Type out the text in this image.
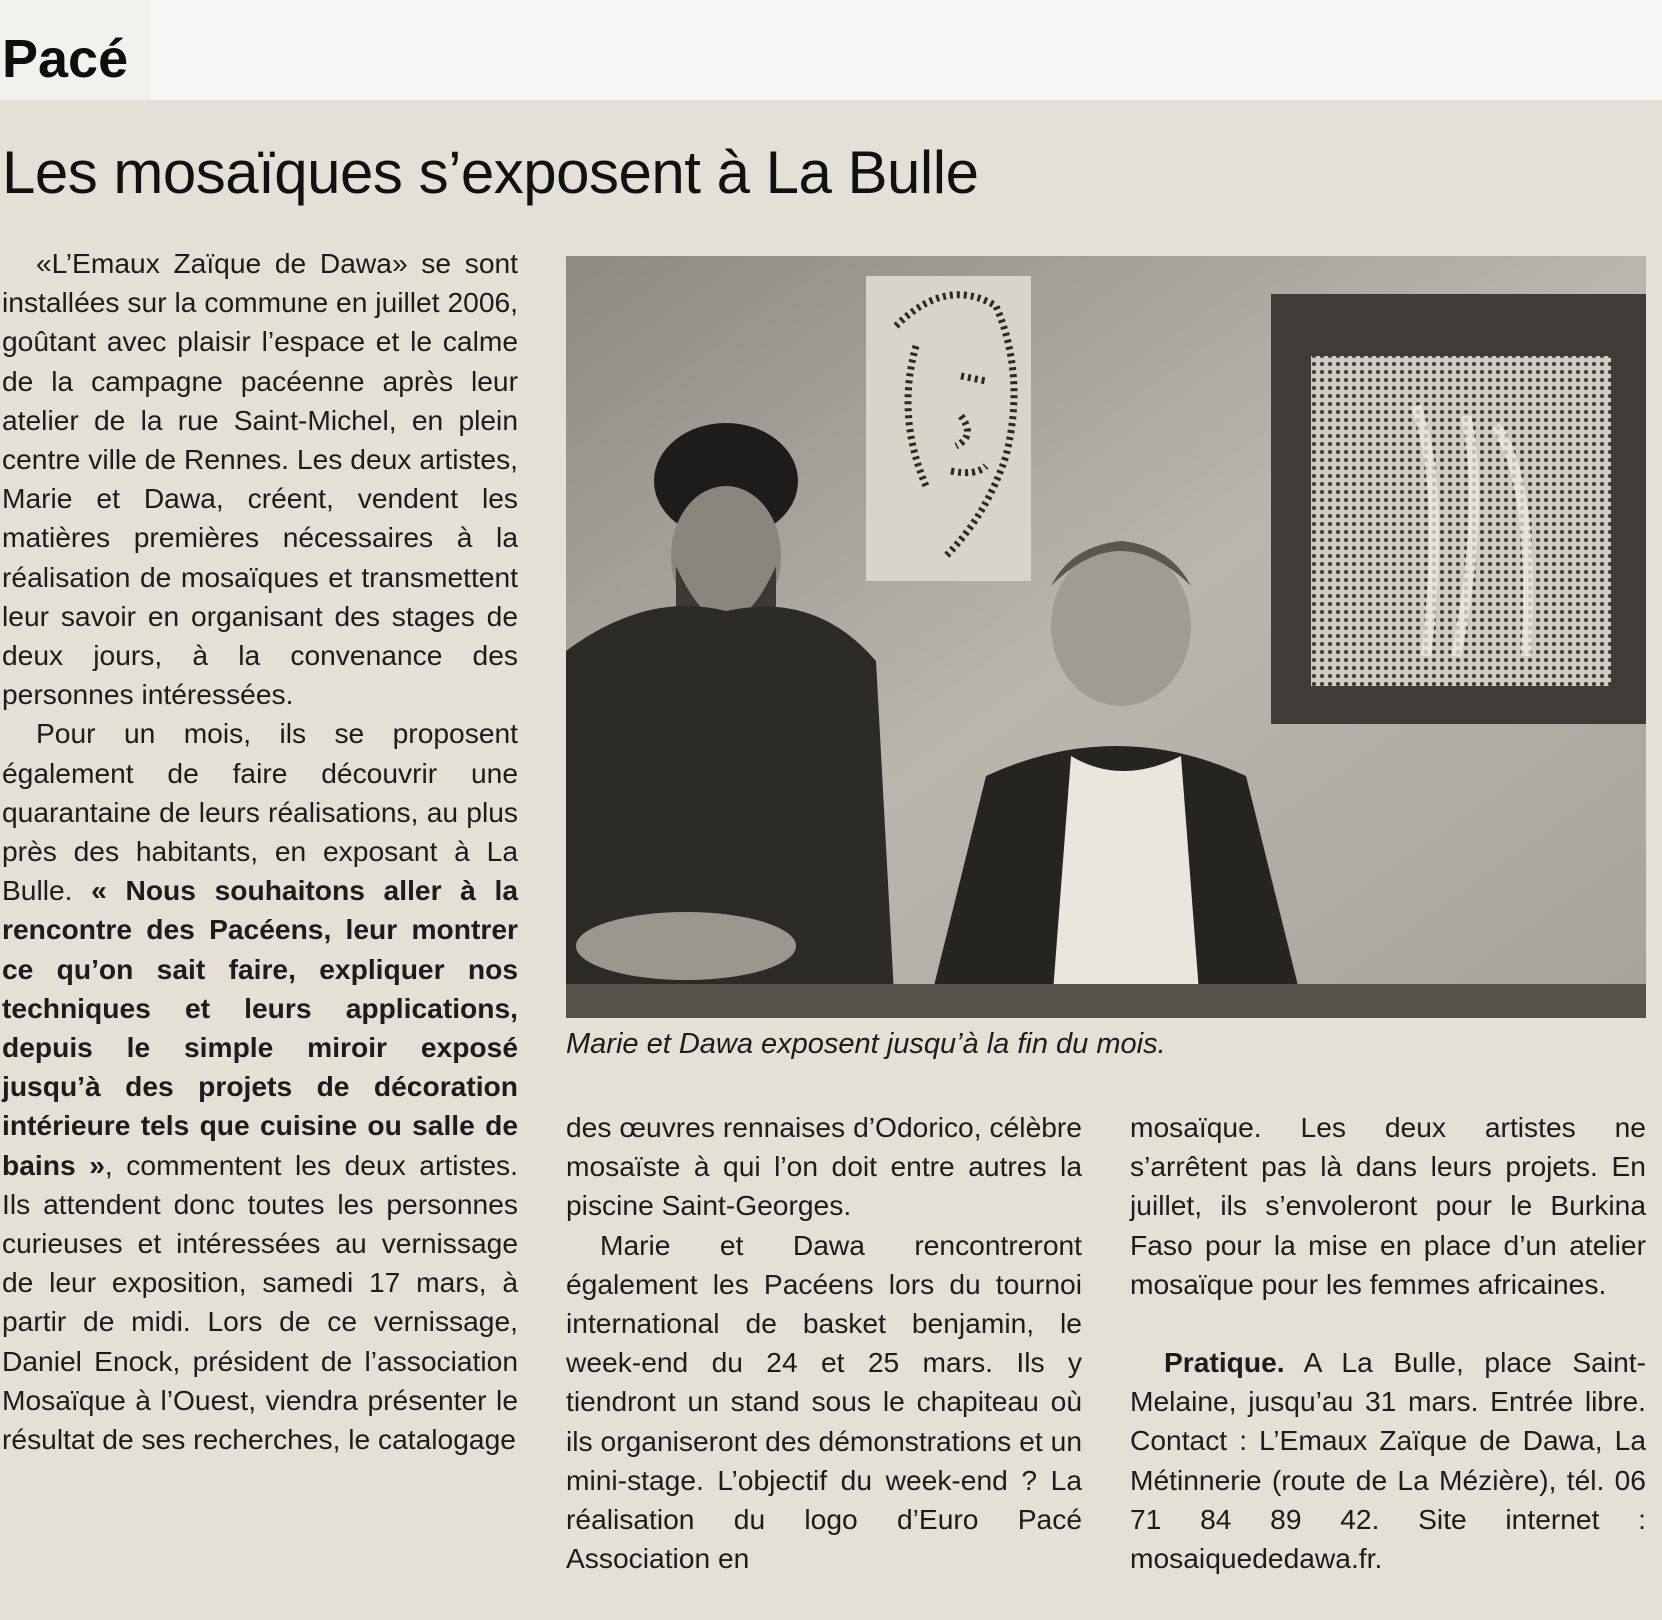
Pacé
Les mosaïques s’exposent à La Bulle

«L’Emaux Zaïque de Dawa» se sont installées sur la commune en juillet 2006, goûtant avec plaisir l’espace et le calme de la campagne pacéenne après leur atelier de la rue Saint-Michel, en plein centre ville de Rennes. Les deux artistes, Marie et Dawa, créent, vendent les matières premières nécessaires à la réalisation de mosaïques et transmettent leur savoir en organisant des stages de deux jours, à la convenance des personnes intéressées.

Pour un mois, ils se proposent également de faire découvrir une quarantaine de leurs réalisations, au plus près des habitants, en exposant à La Bulle. « Nous souhaitons aller à la rencontre des Pacéens, leur montrer ce qu’on sait faire, expliquer nos techniques et leurs applications, depuis le simple miroir exposé jusqu’à des projets de décoration intérieure tels que cuisine ou salle de bains », commentent les deux artistes. Ils attendent donc toutes les personnes curieuses et intéressées au vernissage de leur exposition, samedi 17 mars, à partir de midi. Lors de ce vernissage, Daniel Enock, président de l’association Mosaïque à l’Ouest, viendra présenter le résultat de ses recherches, le catalogage

Marie et Dawa exposent jusqu’à la fin du mois.

des œuvres rennaises d’Odorico, célèbre mosaïste à qui l’on doit entre autres la piscine Saint-Georges.

Marie et Dawa rencontreront également les Pacéens lors du tournoi international de basket benjamin, le week-end du 24 et 25 mars. Ils y tiendront un stand sous le chapiteau où ils organiseront des démonstrations et un mini-stage. L’objectif du week-end ? La réalisation du logo d’Euro Pacé Association en

mosaïque. Les deux artistes ne s’arrêtent pas là dans leurs projets. En juillet, ils s’envoleront pour le Burkina Faso pour la mise en place d’un atelier mosaïque pour les femmes africaines.

Pratique. A La Bulle, place Saint-Melaine, jusqu’au 31 mars. Entrée libre. Contact : L’Emaux Zaïque de Dawa, La Métinnerie (route de La Mézière), tél. 06 71 84 89 42. Site internet : mosaiquededawa.fr.
